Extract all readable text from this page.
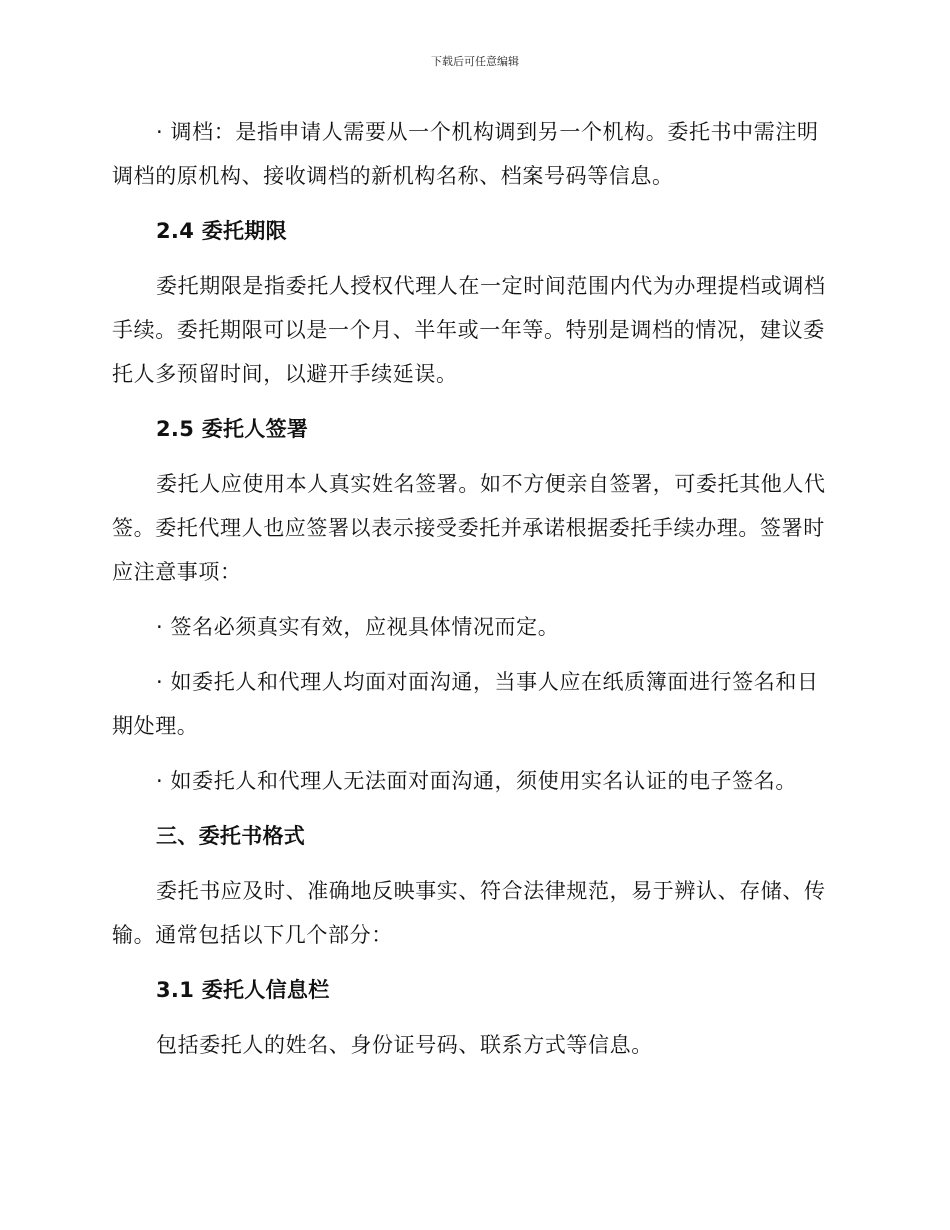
下载后可任意编辑

· 调档：是指申请人需要从一个机构调到另一个机构。委托书中需注明调档的原机构、接收调档的新机构名称、档案号码等信息。

2.4 委托期限

委托期限是指委托人授权代理人在一定时间范围内代为办理提档或调档手续。委托期限可以是一个月、半年或一年等。特别是调档的情况，建议委托人多预留时间，以避开手续延误。

2.5 委托人签署

委托人应使用本人真实姓名签署。如不方便亲自签署，可委托其他人代签。委托代理人也应签署以表示接受委托并承诺根据委托手续办理。签署时应注意事项：

· 签名必须真实有效，应视具体情况而定。

· 如委托人和代理人均面对面沟通，当事人应在纸质簿面进行签名和日期处理。

· 如委托人和代理人无法面对面沟通，须使用实名认证的电子签名。

三、委托书格式

委托书应及时、准确地反映事实、符合法律规范，易于辨认、存储、传输。通常包括以下几个部分：

3.1 委托人信息栏

包括委托人的姓名、身份证号码、联系方式等信息。
